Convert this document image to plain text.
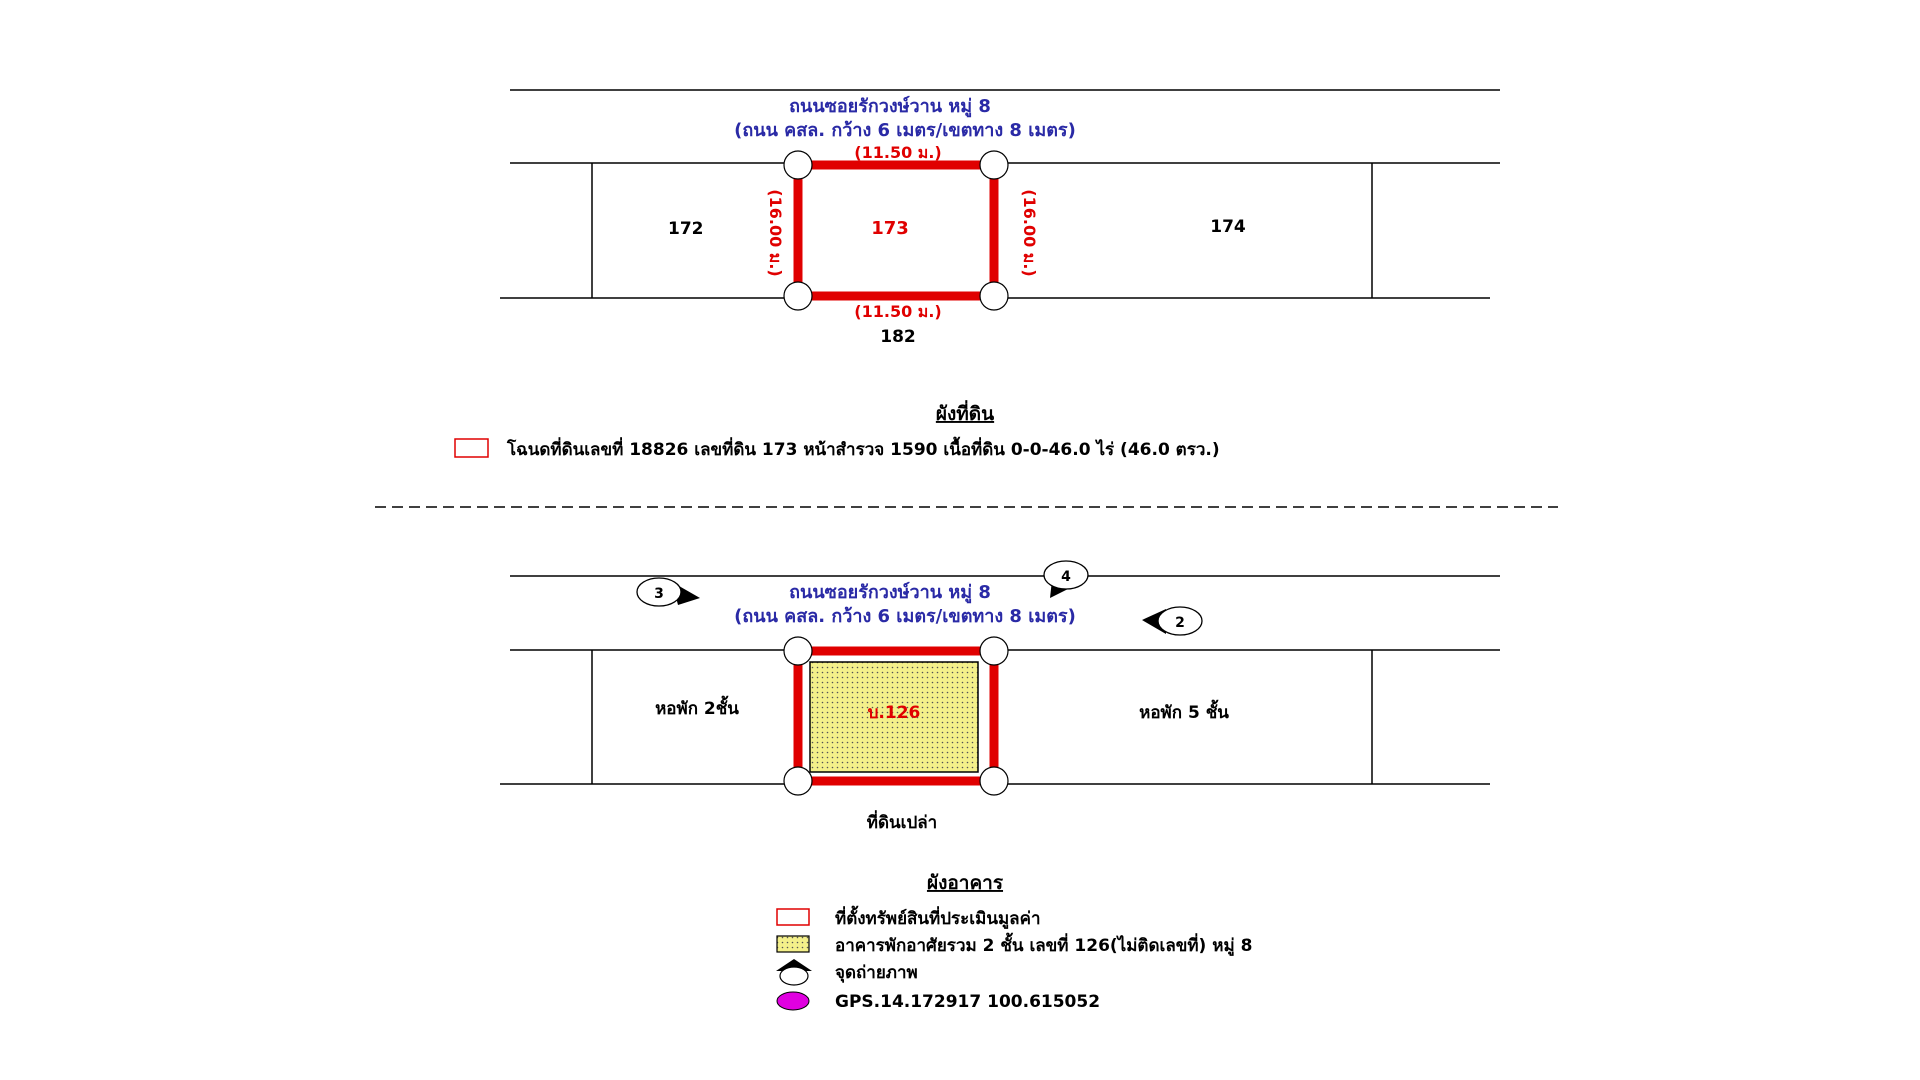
ถนนซอยรักวงษ์วาน หมู่ 8
(ถนน คสล. กว้าง 6 เมตร/เขตทาง 8 เมตร)
(11.50 ม.)
172	173	174
182
(16.00 ม.)	(16.00 ม.)
(11.50 ม.)
ผังที่ดิน
โฉนดที่ดินเลขที่ 18826 เลขที่ดิน 173 หน้าสำรวจ 1590 เนื้อที่ดิน 0-0-46.0 ไร่ (46.0 ตรว.)
ถนนซอยรักวงษ์วาน หมู่ 8
(ถนน คสล. กว้าง 6 เมตร/เขตทาง 8 เมตร)
หอพัก 2ชั้น	บ.126	หอพัก 5 ชั้น
ที่ดินเปล่า
3
4
2
ผังอาคาร
ที่ตั้งทรัพย์สินที่ประเมินมูลค่า
อาคารพักอาศัยรวม 2 ชั้น เลขที่ 126(ไม่ติดเลขที่) หมู่ 8
จุดถ่ายภาพ
GPS.14.172917 100.615052
